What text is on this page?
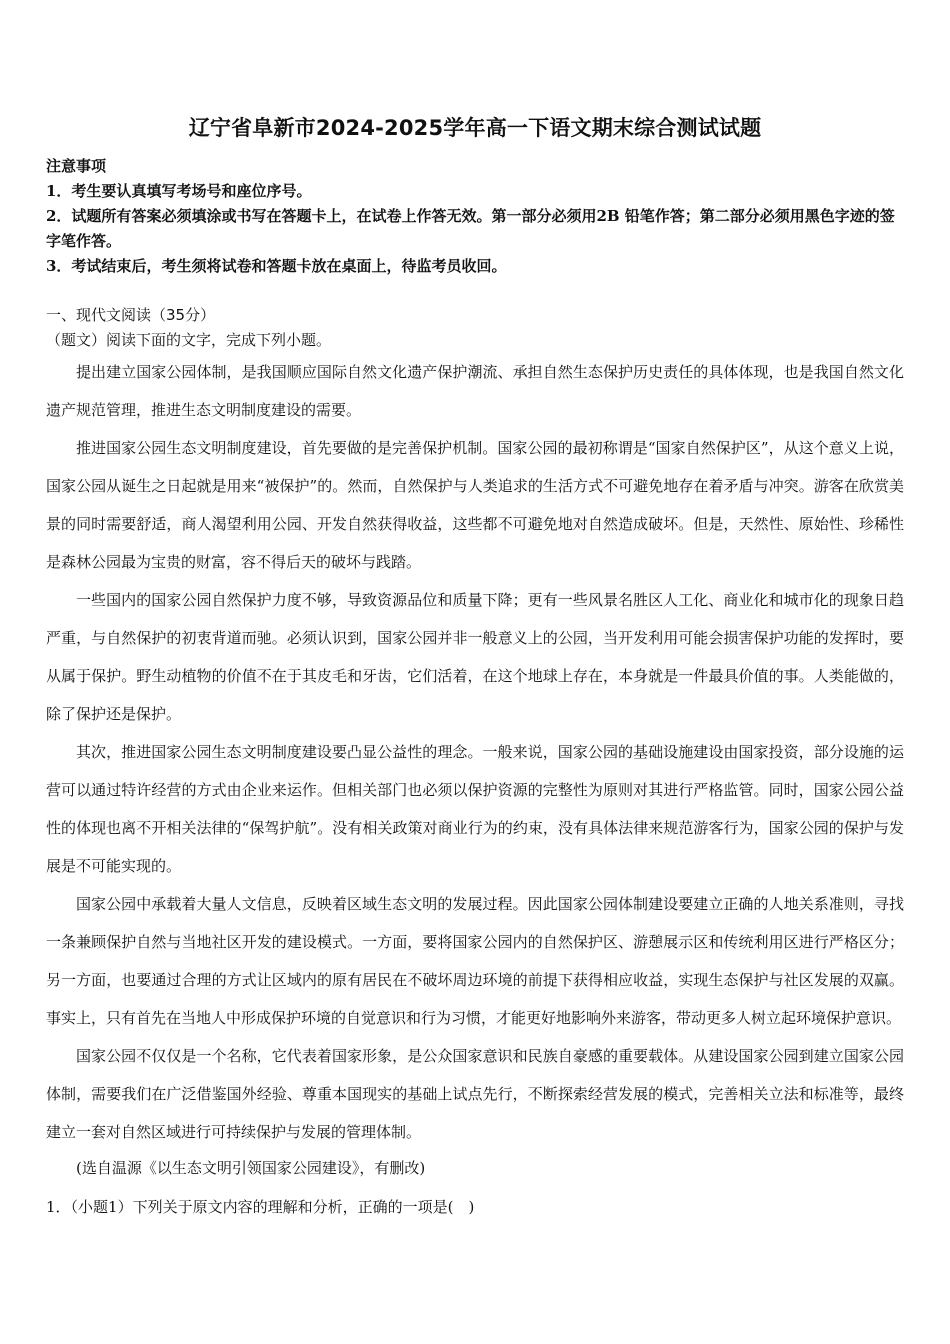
辽宁省阜新市2024-2025学年高一下语文期末综合测试试题

注意事项

1．考生要认真填写考场号和座位序号。

2．试题所有答案必须填涂或书写在答题卡上，在试卷上作答无效。第一部分必须用2B 铅笔作答；第二部分必须用黑色字迹的签字笔作答。

3．考试结束后，考生须将试卷和答题卡放在桌面上，待监考员收回。

一、现代文阅读（35分）
（题文）阅读下面的文字，完成下列小题。

提出建立国家公园体制，是我国顺应国际自然文化遗产保护潮流、承担自然生态保护历史责任的具体体现，也是我国自然文化遗产规范管理，推进生态文明制度建设的需要。

推进国家公园生态文明制度建设，首先要做的是完善保护机制。国家公园的最初称谓是“国家自然保护区”，从这个意义上说，国家公园从诞生之日起就是用来“被保护”的。然而，自然保护与人类追求的生活方式不可避免地存在着矛盾与冲突。游客在欣赏美景的同时需要舒适，商人渴望利用公园、开发自然获得收益，这些都不可避免地对自然造成破坏。但是，天然性、原始性、珍稀性是森林公园最为宝贵的财富，容不得后天的破坏与践踏。

一些国内的国家公园自然保护力度不够，导致资源品位和质量下降；更有一些风景名胜区人工化、商业化和城市化的现象日趋严重，与自然保护的初衷背道而驰。必须认识到，国家公园并非一般意义上的公园，当开发利用可能会损害保护功能的发挥时，要从属于保护。野生动植物的价值不在于其皮毛和牙齿，它们活着，在这个地球上存在，本身就是一件最具价值的事。人类能做的，除了保护还是保护。

其次，推进国家公园生态文明制度建设要凸显公益性的理念。一般来说，国家公园的基础设施建设由国家投资，部分设施的运营可以通过特许经营的方式由企业来运作。但相关部门也必须以保护资源的完整性为原则对其进行严格监管。同时，国家公园公益性的体现也离不开相关法律的“保驾护航”。没有相关政策对商业行为的约束，没有具体法律来规范游客行为，国家公园的保护与发展是不可能实现的。

国家公园中承载着大量人文信息，反映着区域生态文明的发展过程。因此国家公园体制建设要建立正确的人地关系准则，寻找一条兼顾保护自然与当地社区开发的建设模式。一方面，要将国家公园内的自然保护区、游憩展示区和传统利用区进行严格区分；另一方面，也要通过合理的方式让区域内的原有居民在不破坏周边环境的前提下获得相应收益，实现生态保护与社区发展的双赢。事实上，只有首先在当地人中形成保护环境的自觉意识和行为习惯，才能更好地影响外来游客，带动更多人树立起环境保护意识。

国家公园不仅仅是一个名称，它代表着国家形象，是公众国家意识和民族自豪感的重要载体。从建设国家公园到建立国家公园体制，需要我们在广泛借鉴国外经验、尊重本国现实的基础上试点先行，不断探索经营发展的模式，完善相关立法和标准等，最终建立一套对自然区域进行可持续保护与发展的管理体制。

(选自温源《以生态文明引领国家公园建设》，有删改)

1．（小题1）下列关于原文内容的理解和分析，正确的一项是(　)
